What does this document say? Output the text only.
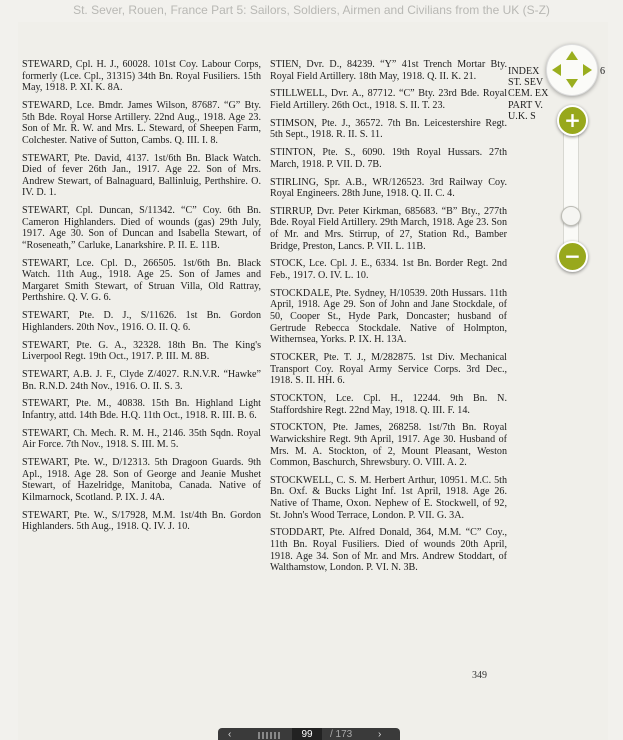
St. Sever, Rouen, France Part 5: Sailors, Soldiers, Airmen and Civilians from the UK (S-Z)
STEWARD, Cpl. H. J., 60028. 101st Coy. Labour Corps, formerly (Lce. Cpl., 31315) 34th Bn. Royal Fusiliers. 15th May, 1918. P. XI. K. 8A.
STEWARD, Lce. Bmdr. James Wilson, 87687. “G” Bty. 5th Bde. Royal Horse Artillery. 22nd Aug., 1918. Age 23. Son of Mr. R. W. and Mrs. L. Steward, of Sheepen Farm, Colchester. Native of Sutton, Cambs. Q. III. I. 8.
STEWART, Pte. David, 4137. 1st/6th Bn. Black Watch. Died of fever 26th Jan., 1917. Age 22. Son of Mrs. Andrew Stewart, of Balnaguard, Ballinluig, Perthshire. O. IV. D. 1.
STEWART, Cpl. Duncan, S/11342. “C” Coy. 6th Bn. Cameron Highlanders. Died of wounds (gas) 29th July, 1917. Age 30. Son of Duncan and Isabella Stewart, of “Roseneath,” Carluke, Lanarkshire. P. II. E. 11B.
STEWART, Lce. Cpl. D., 266505. 1st/6th Bn. Black Watch. 11th Aug., 1918. Age 25. Son of James and Margaret Smith Stewart, of Struan Villa, Old Rattray, Perthshire. Q. V. G. 6.
STEWART, Pte. D. J., S/11626. 1st Bn. Gordon Highlanders. 20th Nov., 1916. O. II. Q. 6.
STEWART, Pte. G. A., 32328. 18th Bn. The King's Liverpool Regt. 19th Oct., 1917. P. III. M. 8B.
STEWART, A.B. J. F., Clyde Z/4027. R.N.V.R. “Hawke” Bn. R.N.D. 24th Nov., 1916. O. II. S. 3.
STEWART, Pte. M., 40838. 15th Bn. Highland Light Infantry, attd. 14th Bde. H.Q. 11th Oct., 1918. R. III. B. 6.
STEWART, Ch. Mech. R. M. H., 2146. 35th Sqdn. Royal Air Force. 7th Nov., 1918. S. III. M. 5.
STEWART, Pte. W., D/12313. 5th Dragoon Guards. 9th Apl., 1918. Age 28. Son of George and Jeanie Mushet Stewart, of Hazelridge, Manitoba, Canada. Native of Kilmarnock, Scotland. P. IX. J. 4A.
STEWART, Pte. W., S/17928, M.M. 1st/4th Bn. Gordon Highlanders. 5th Aug., 1918. Q. IV. J. 10.
STIEN, Dvr. D., 84239. “Y” 41st Trench Mortar Bty. Royal Field Artillery. 18th May, 1918. Q. II. K. 21.
STILLWELL, Dvr. A., 87712. “C” Bty. 23rd Bde. Royal Field Artillery. 26th Oct., 1918. S. II. T. 23.
STIMSON, Pte. J., 36572. 7th Bn. Leicestershire Regt. 5th Sept., 1918. R. II. S. 11.
STINTON, Pte. S., 6090. 19th Royal Hussars. 27th March, 1918. P. VII. D. 7B.
STIRLING, Spr. A.B., WR/126523. 3rd Railway Coy. Royal Engineers. 28th June, 1918. Q. II. C. 4.
STIRRUP, Dvr. Peter Kirkman, 685683. “B” Bty., 277th Bde. Royal Field Artillery. 29th March, 1918. Age 23. Son of Mr. and Mrs. Stirrup, of 27, Station Rd., Bamber Bridge, Preston, Lancs. P. VII. L. 11B.
STOCK, Lce. Cpl. J. E., 6334. 1st Bn. Border Regt. 2nd Feb., 1917. O. IV. L. 10.
STOCKDALE, Pte. Sydney, H/10539. 20th Hussars. 11th April, 1918. Age 29. Son of John and Jane Stockdale, of 50, Cooper St., Hyde Park, Doncaster; husband of Gertrude Rebecca Stockdale. Native of Holmpton, Withernsea, Yorks. P. IX. H. 13A.
STOCKER, Pte. T. J., M/282875. 1st Div. Mechanical Transport Coy. Royal Army Service Corps. 3rd Dec., 1918. S. II. HH. 6.
STOCKTON, Lce. Cpl. H., 12244. 9th Bn. N. Staffordshire Regt. 22nd May, 1918. Q. III. F. 14.
STOCKTON, Pte. James, 268258. 1st/7th Bn. Royal Warwickshire Regt. 9th April, 1917. Age 30. Husband of Mrs. M. A. Stockton, of 2, Mount Pleasant, Weston Common, Baschurch, Shrewsbury. O. VIII. A. 2.
STOCKWELL, C. S. M. Herbert Arthur, 10951. M.C. 5th Bn. Oxf. & Bucks Light Inf. 1st April, 1918. Age 26. Native of Thame, Oxon. Nephew of E. Stockwell, of 92, St. John's Wood Terrace, London. P. VII. G. 3A.
STODDART, Pte. Alfred Donald, 364, M.M. “C” Coy., 11th Bn. Royal Fusiliers. Died of wounds 20th April, 1918. Age 34. Son of Mr. and Mrs. Andrew Stoddart, of Walthamstow, London. P. VI. N. 3B.
INDEX
ST. SEV
CEM. EX
PART V.
U.K. S
6
349
+
−
‹	99	/ 173	›
